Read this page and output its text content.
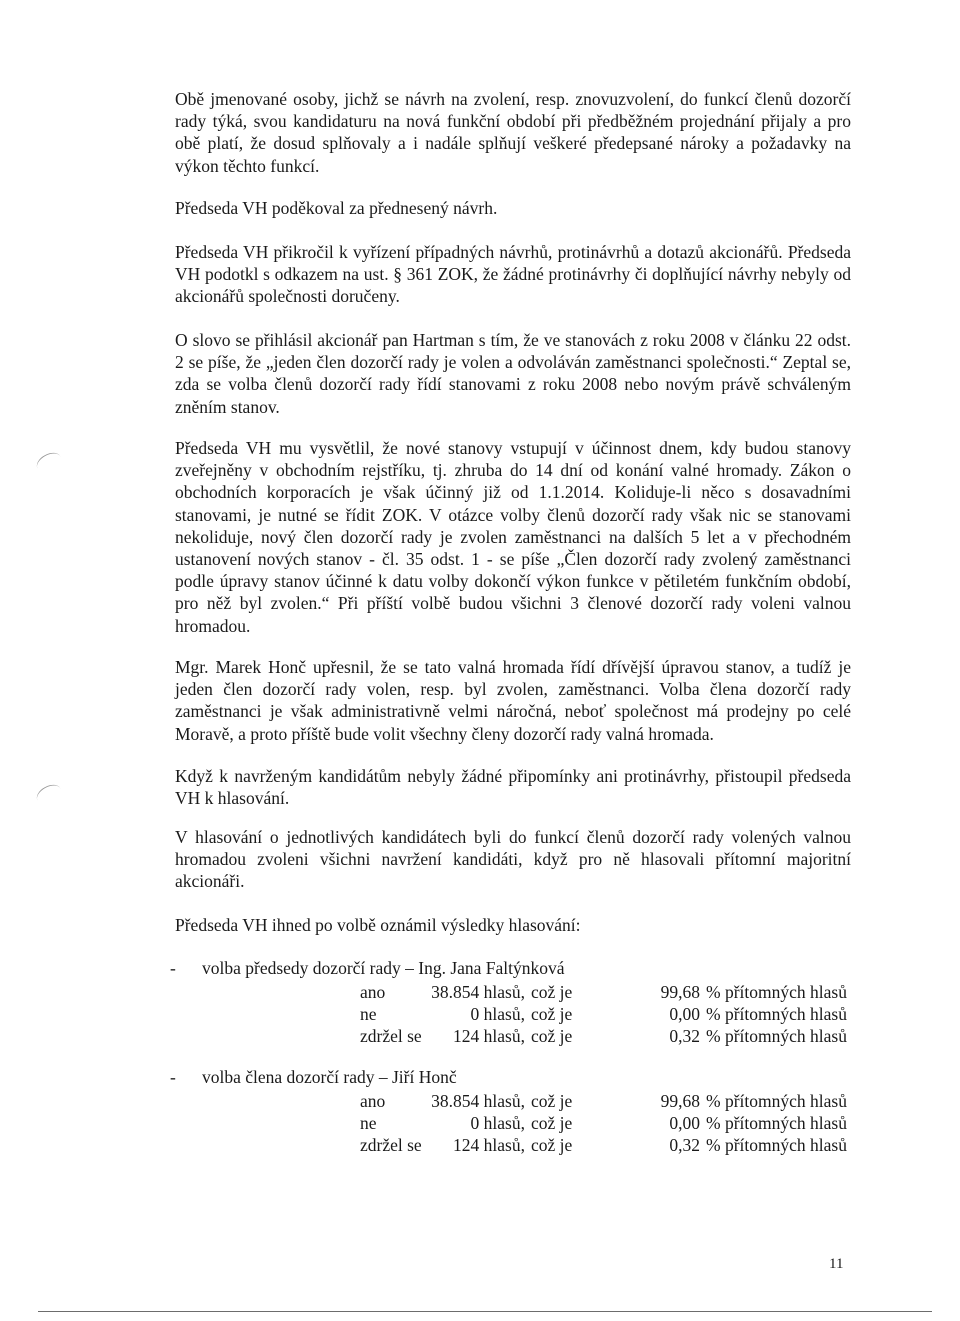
Obě jmenované osoby, jichž se návrh na zvolení, resp. znovuzvolení, do funkcí členů dozorčí rady týká, svou kandidaturu na nová funkční období při předběžném projednání přijaly a pro obě platí, že dosud splňovaly a i nadále splňují veškeré předepsané nároky a požadavky na výkon těchto funkcí.

Předseda VH poděkoval za přednesený návrh.

Předseda VH přikročil k vyřízení případných návrhů, protinávrhů a dotazů akcionářů. Předseda VH podotkl s odkazem na ust. § 361 ZOK, že žádné protinávrhy či doplňující návrhy nebyly od akcionářů společnosti doručeny.

O slovo se přihlásil akcionář pan Hartman s tím, že ve stanovách z roku 2008 v článku 22 odst. 2 se píše, že „jeden člen dozorčí rady je volen a odvoláván zaměstnanci společnosti.“ Zeptal se, zda se volba členů dozorčí rady řídí stanovami z roku 2008 nebo novým právě schváleným zněním stanov.

Předseda VH mu vysvětlil, že nové stanovy vstupují v účinnost dnem, kdy budou stanovy zveřejněny v obchodním rejstříku, tj. zhruba do 14 dní od konání valné hromady. Zákon o obchodních korporacích je však účinný již od 1.1.2014. Koliduje-li něco s dosavadními stanovami, je nutné se řídit ZOK. V otázce volby členů dozorčí rady však nic se stanovami nekoliduje, nový člen dozorčí rady je zvolen zaměstnanci na dalších 5 let a v přechodném ustanovení nových stanov - čl. 35 odst. 1 - se píše „Člen dozorčí rady zvolený zaměstnanci podle úpravy stanov účinné k datu volby dokončí výkon funkce v pětiletém funkčním období, pro něž byl zvolen.“ Při příští volbě budou všichni 3 členové dozorčí rady voleni valnou hromadou.

Mgr. Marek Honč upřesnil, že se tato valná hromada řídí dřívější úpravou stanov, a tudíž je jeden člen dozorčí rady volen, resp. byl zvolen, zaměstnanci. Volba člena dozorčí rady zaměstnanci je však administrativně velmi náročná, neboť společnost má prodejny po celé Moravě, a proto příště bude volit všechny členy dozorčí rady valná hromada.

Když k navrženým kandidátům nebyly žádné připomínky ani protinávrhy, přistoupil předseda VH k hlasování.

V hlasování o jednotlivých kandidátech byli do funkcí členů dozorčí rady volených valnou hromadou zvoleni všichni navržení kandidáti, když pro ně hlasovali přítomní majoritní akcionáři.

Předseda VH ihned po volbě oznámil výsledky hlasování:

- volba předsedy dozorčí rady – Ing. Jana Faltýnková
ano	38.854 hlasů, což je	99,68 % přítomných hlasů
ne	0 hlasů, což je	0,00 % přítomných hlasů
zdržel se 124 hlasů, což je	0,32 % přítomných hlasů
- volba člena dozorčí rady – Jiří Honč
ano	38.854 hlasů, což je	99,68 % přítomných hlasů
ne	0 hlasů, což je	0,00 % přítomných hlasů
zdržel se 124 hlasů, což je	0,32 % přítomných hlasů
11
